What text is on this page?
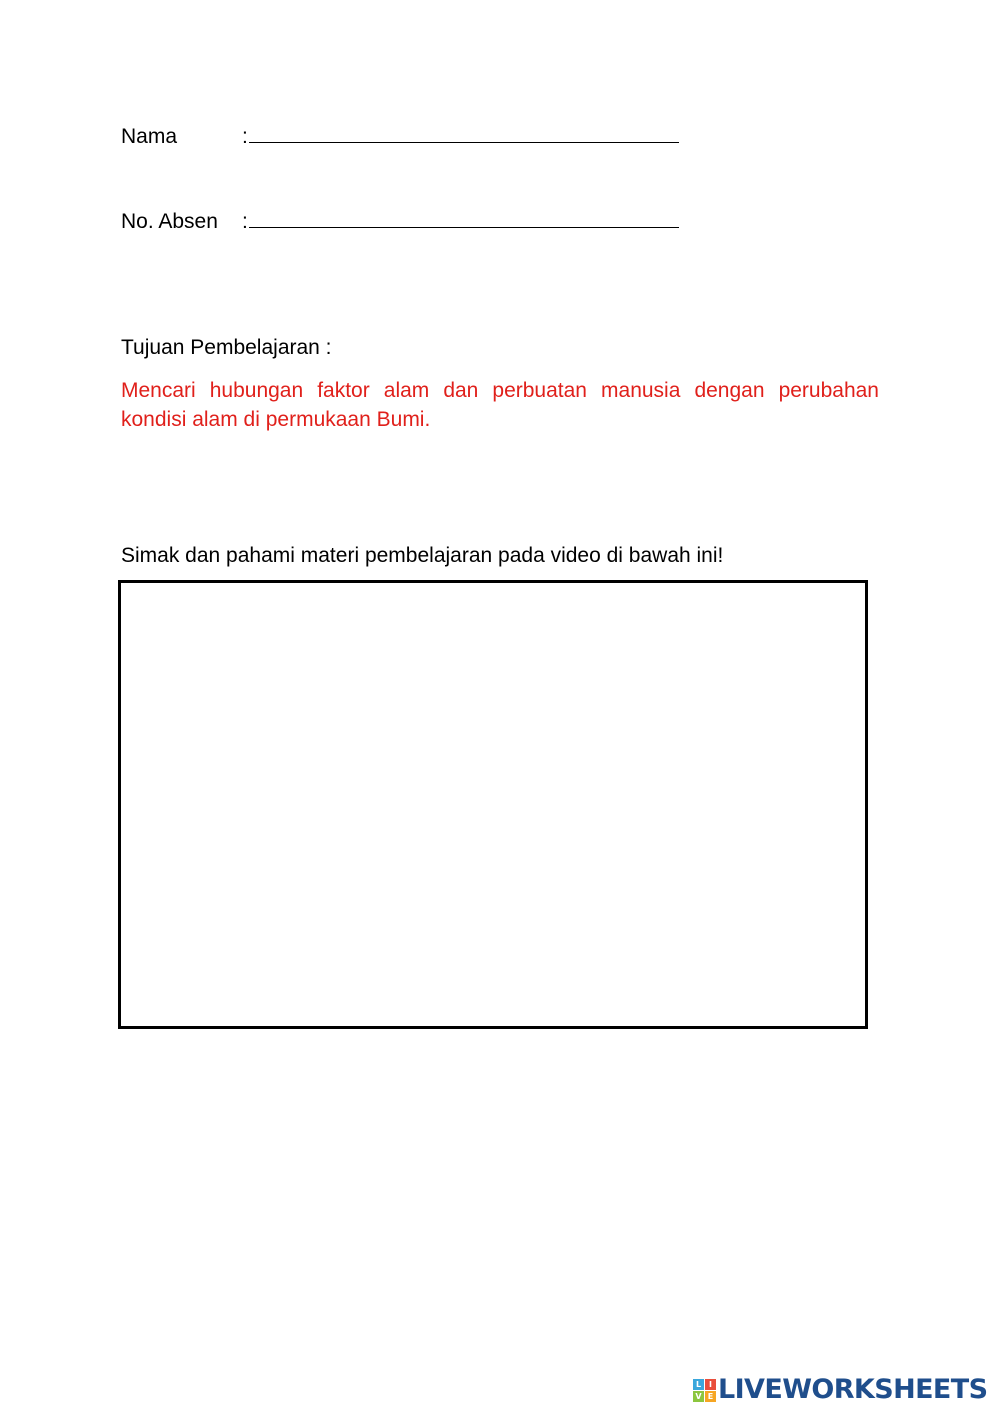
Nama	:
No. Absen :
Tujuan Pembelajaran :
Mencari hubungan faktor alam dan perbuatan manusia dengan perubahan kondisi alam di permukaan Bumi.
Simak dan pahami materi pembelajaran pada video di bawah ini!
L I
V E LIVEWORKSHEETS
